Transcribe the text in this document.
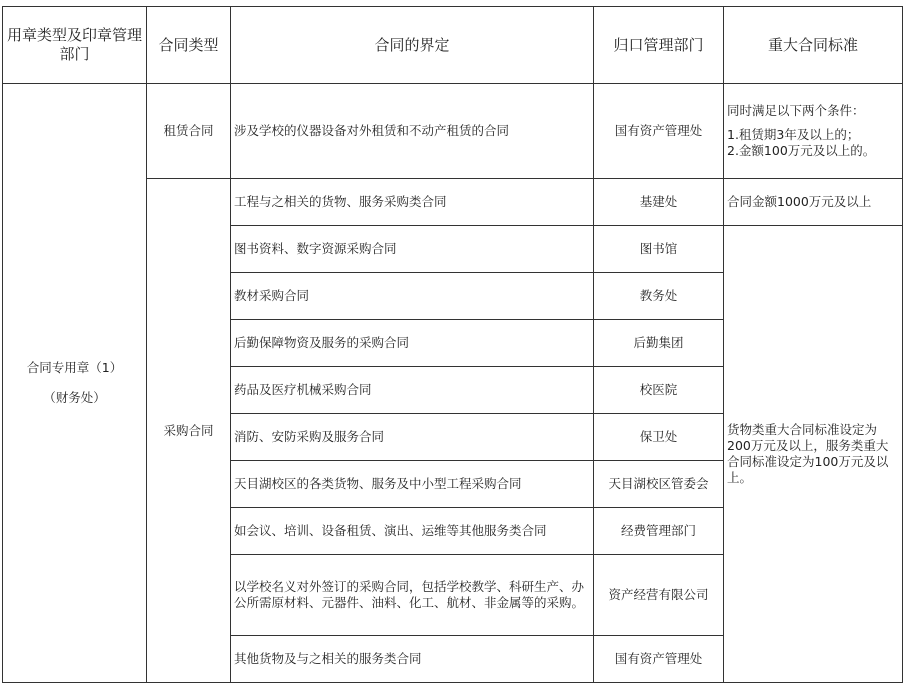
用章类型及印章管理部门	合同类型	合同的界定	归口管理部门	重大合同标准

合同专用章（1）
（财务处）	租赁合同	涉及学校的仪器设备对外租赁和不动产租赁的合同	国有资产管理处	同时满足以下两个条件：
1.租赁期3年及以上的；
2.金额100万元及以上的。

	采购合同	工程与之相关的货物、服务采购类合同	基建处	合同金额1000万元及以上
		图书资料、数字资源采购合同	图书馆	货物类重大合同标准设定为200万元及以上，服务类重大合同标准设定为100万元及以上。
		教材采购合同	教务处	
		后勤保障物资及服务的采购合同	后勤集团	
		药品及医疗机械采购合同	校医院	
		消防、安防采购及服务合同	保卫处	
		天目湖校区的各类货物、服务及中小型工程采购合同	天目湖校区管委会	
		如会议、培训、设备租赁、演出、运维等其他服务类合同	经费管理部门	
		以学校名义对外签订的采购合同，包括学校教学、科研生产、办公所需原材料、元器件、油料、化工、航材、非金属等的采购。	资产经营有限公司	
		其他货物及与之相关的服务类合同	国有资产管理处	
